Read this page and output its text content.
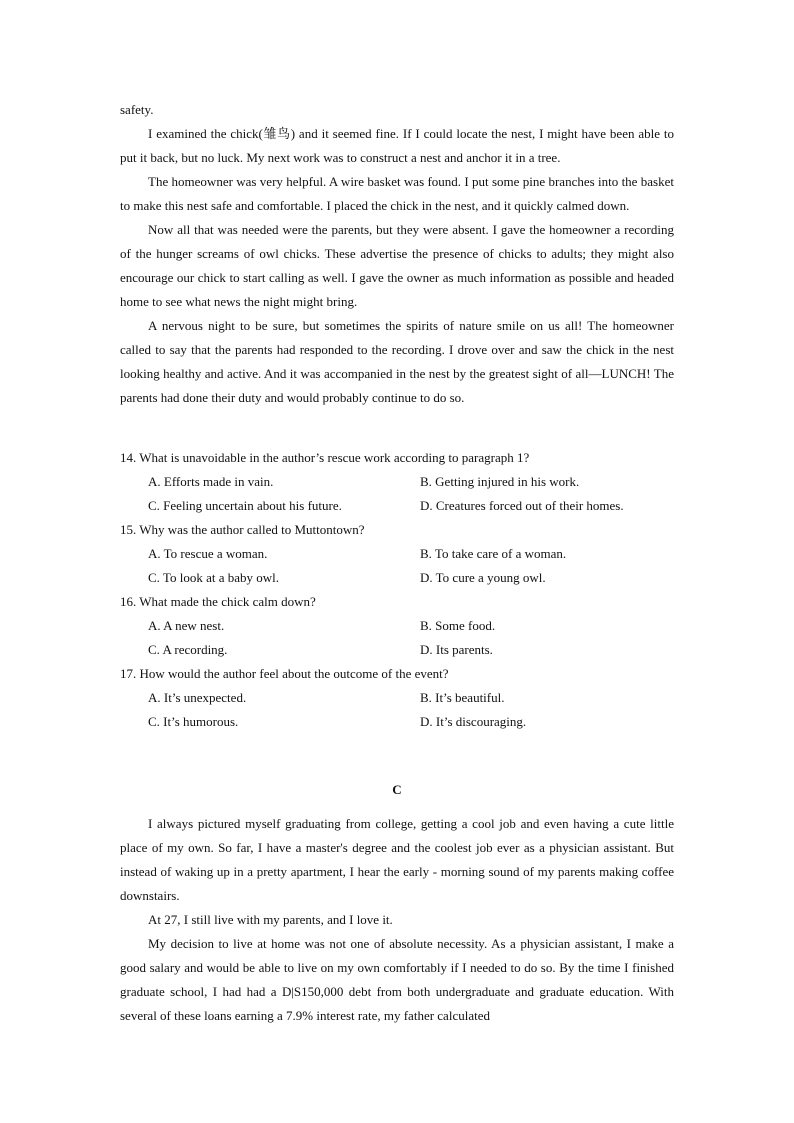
safety.

I examined the chick(雏鸟) and it seemed fine. If I could locate the nest, I might have been able to put it back, but no luck. My next work was to construct a nest and anchor it in a tree.

The homeowner was very helpful. A wire basket was found. I put some pine branches into the basket to make this nest safe and comfortable. I placed the chick in the nest, and it quickly calmed down.

Now all that was needed were the parents, but they were absent. I gave the homeowner a recording of the hunger screams of owl chicks. These advertise the presence of chicks to adults; they might also encourage our chick to start calling as well. I gave the owner as much information as possible and headed home to see what news the night might bring.

A nervous night to be sure, but sometimes the spirits of nature smile on us all! The homeowner called to say that the parents had responded to the recording. I drove over and saw the chick in the nest looking healthy and active. And it was accompanied in the nest by the greatest sight of all—LUNCH! The parents had done their duty and would probably continue to do so.

14. What is unavoidable in the author’s rescue work according to paragraph 1?

A. Efforts made in vain.	B. Getting injured in his work.
C. Feeling uncertain about his future.	D. Creatures forced out of their homes.

15. Why was the author called to Muttontown?

A. To rescue a woman.	B. To take care of a woman.
C. To look at a baby owl.	D. To cure a young owl.

16. What made the chick calm down?

A. A new nest.	B. Some food.
C. A recording.	D. Its parents.

17. How would the author feel about the outcome of the event?

A. It’s unexpected.	B. It’s beautiful.
C. It’s humorous.	D. It’s discouraging.
C

I always pictured myself graduating from college, getting a cool job and even having a cute little place of my own. So far, I have a master's degree and the coolest job ever as a physician assistant. But instead of waking up in a pretty apartment, I hear the early - morning sound of my parents making coffee downstairs.

At 27, I still live with my parents, and I love it.

My decision to live at home was not one of absolute necessity. As a physician assistant, I make a good salary and would be able to live on my own comfortably if I needed to do so. By the time I finished graduate school, I had had a D|S150,000 debt from both undergraduate and graduate education. With several of these loans earning a 7.9% interest rate, my father calculated
